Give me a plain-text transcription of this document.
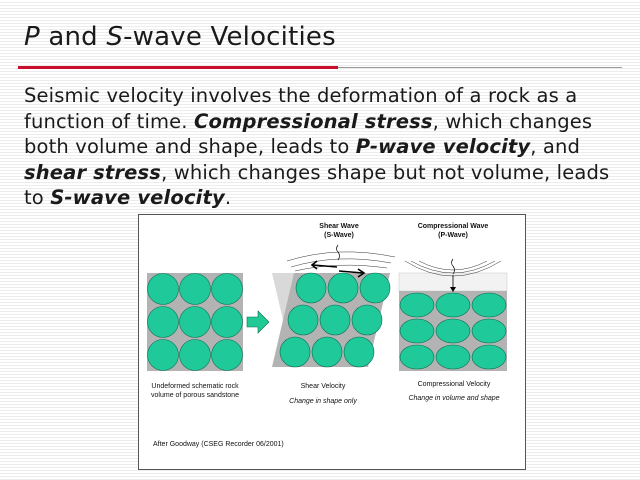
P and S-wave Velocities

Seismic velocity involves the deformation of a rock as a function of time. Compressional stress, which changes both volume and shape, leads to P-wave velocity, and shear stress, which changes shape but not volume, leads to S-wave velocity.

Shear Wave
(S-Wave)
Compressional Wave
(P-Wave)
Undeformed schematic rock volume of porous sandstone
Shear Velocity
Change in shape only
Compressional Velocity
Change in volume and shape
After Goodway (CSEG Recorder 06/2001)
